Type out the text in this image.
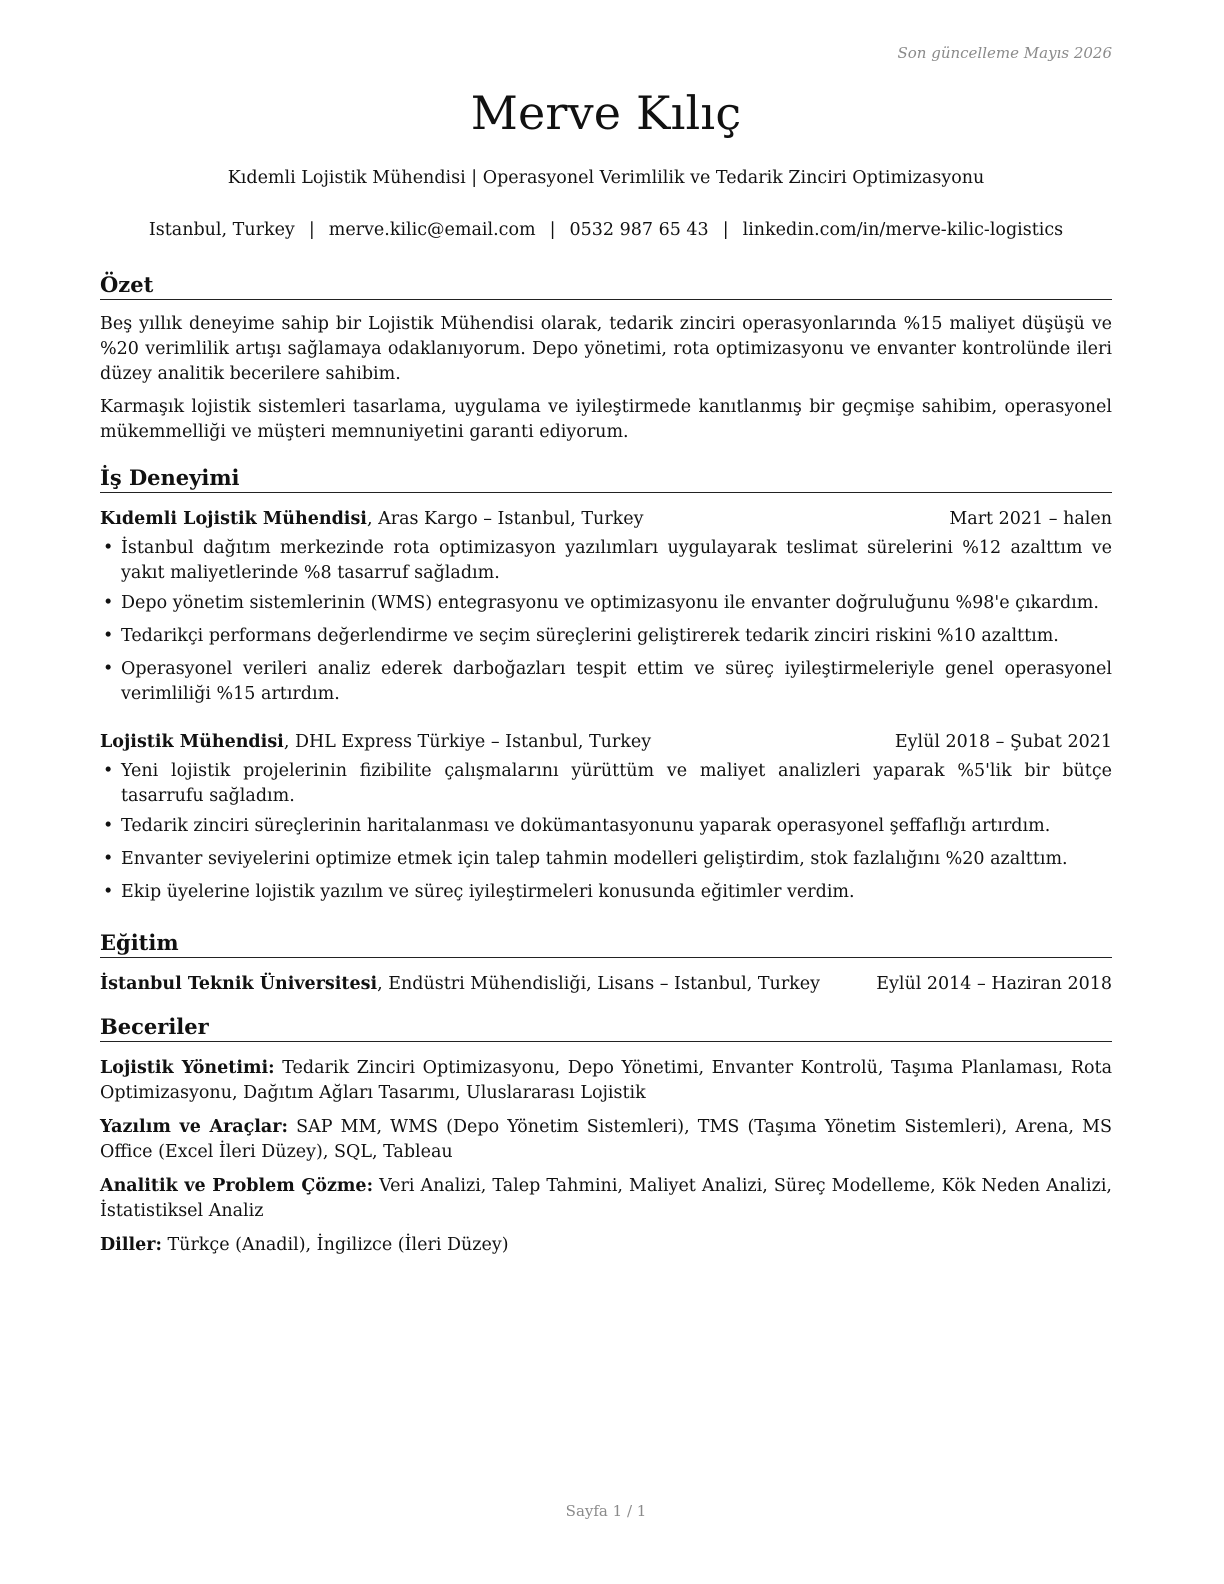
Son güncelleme Mayıs 2026
Merve Kılıç
Kıdemli Lojistik Mühendisi | Operasyonel Verimlilik ve Tedarik Zinciri Optimizasyonu
Istanbul, Turkey | merve.kilic@email.com | 0532 987 65 43 | linkedin.com/in/merve-kilic-logistics
Özet

Beş yıllık deneyime sahip bir Lojistik Mühendisi olarak, tedarik zinciri operasyonlarında %15 maliyet düşüşü ve %20 verimlilik artışı sağlamaya odaklanıyorum. Depo yönetimi, rota optimizasyonu ve envanter kontrolünde ileri düzey analitik becerilere sahibim.

Karmaşık lojistik sistemleri tasarlama, uygulama ve iyileştirmede kanıtlanmış bir geçmişe sahibim, operasyonel mükemmelliği ve müşteri memnuniyetini garanti ediyorum.

İş Deneyimi
Kıdemli Lojistik Mühendisi, Aras Kargo – Istanbul, Turkey	Mart 2021 – halen
• İstanbul dağıtım merkezinde rota optimizasyon yazılımları uygulayarak teslimat sürelerini %12 azalttım ve yakıt maliyetlerinde %8 tasarruf sağladım.
• Depo yönetim sistemlerinin (WMS) entegrasyonu ve optimizasyonu ile envanter doğruluğunu %98'e çıkardım.
• Tedarikçi performans değerlendirme ve seçim süreçlerini geliştirerek tedarik zinciri riskini %10 azalttım.
• Operasyonel verileri analiz ederek darboğazları tespit ettim ve süreç iyileştirmeleriyle genel operasyonel verimliliği %15 artırdım.
Lojistik Mühendisi, DHL Express Türkiye – Istanbul, Turkey	Eylül 2018 – Şubat 2021
• Yeni lojistik projelerinin fizibilite çalışmalarını yürüttüm ve maliyet analizleri yaparak %5'lik bir bütçe tasarrufu sağladım.
• Tedarik zinciri süreçlerinin haritalanması ve dokümantasyonunu yaparak operasyonel şeffaflığı artırdım.
• Envanter seviyelerini optimize etmek için talep tahmin modelleri geliştirdim, stok fazlalığını %20 azalttım.
• Ekip üyelerine lojistik yazılım ve süreç iyileştirmeleri konusunda eğitimler verdim.
Eğitim
İstanbul Teknik Üniversitesi, Endüstri Mühendisliği, Lisans – Istanbul, Turkey	Eylül 2014 – Haziran 2018
Beceriler

Lojistik Yönetimi: Tedarik Zinciri Optimizasyonu, Depo Yönetimi, Envanter Kontrolü, Taşıma Planlaması, Rota Optimizasyonu, Dağıtım Ağları Tasarımı, Uluslararası Lojistik

Yazılım ve Araçlar: SAP MM, WMS (Depo Yönetim Sistemleri), TMS (Taşıma Yönetim Sistemleri), Arena, MS Office (Excel İleri Düzey), SQL, Tableau

Analitik ve Problem Çözme: Veri Analizi, Talep Tahmini, Maliyet Analizi, Süreç Modelleme, Kök Neden Analizi, İstatistiksel Analiz

Diller: Türkçe (Anadil), İngilizce (İleri Düzey)

Sayfa 1 / 1
